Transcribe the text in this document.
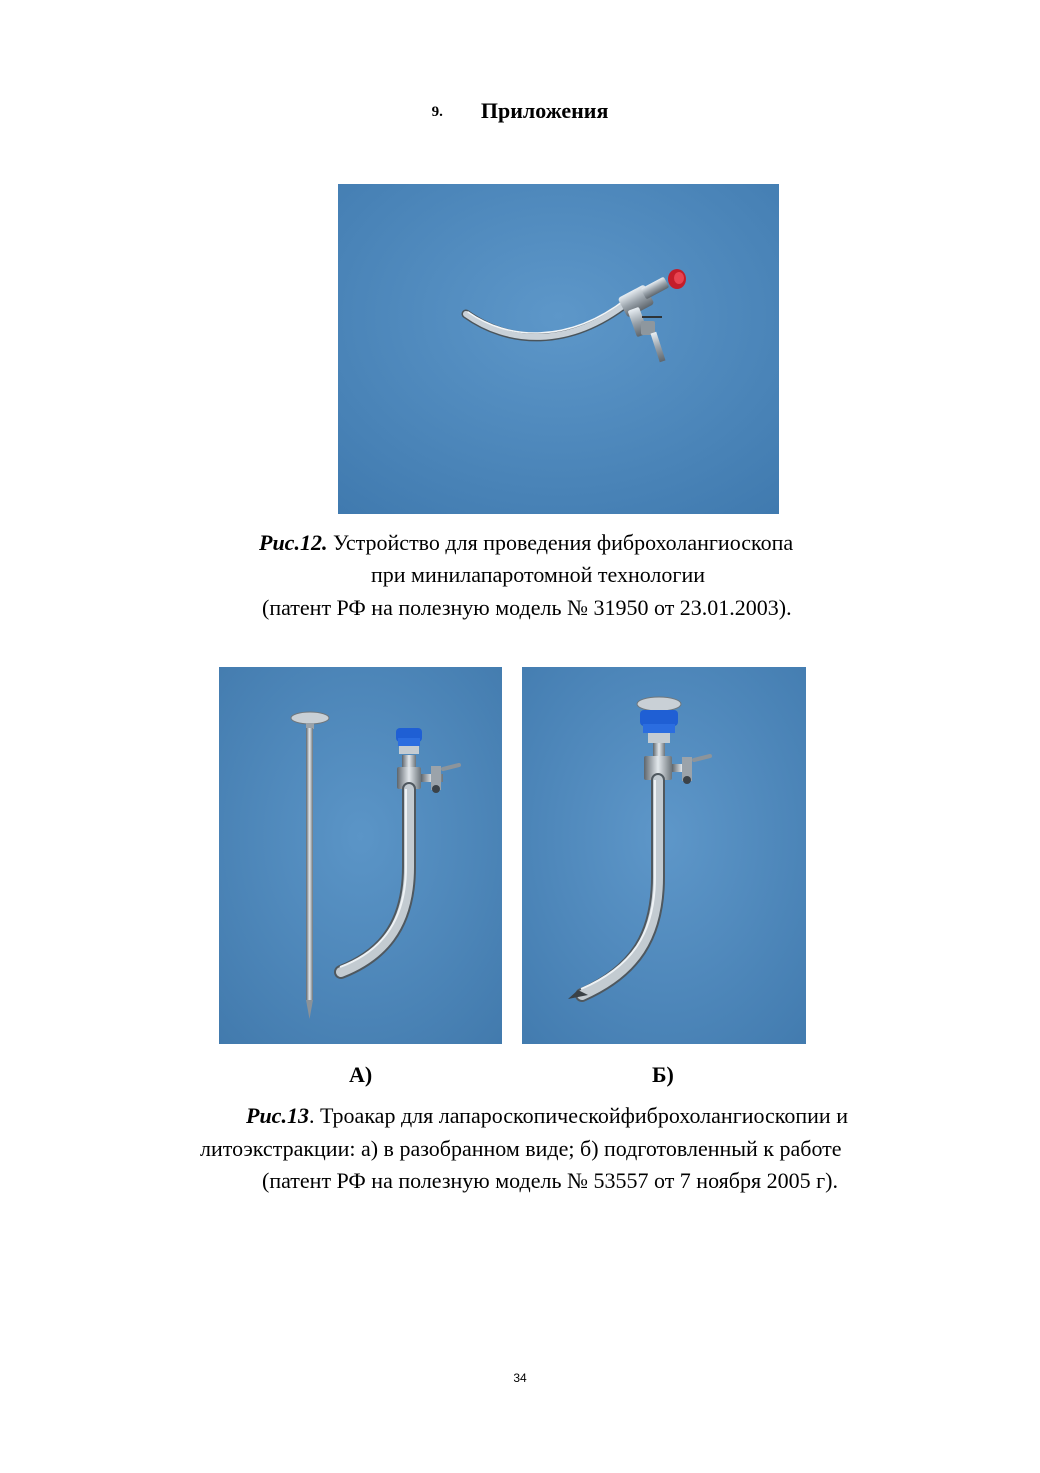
9. Приложения
Рис.12. Устройство для проведения фиброхолангиоскопа
при минилапаротомной технологии
(патент РФ на полезную модель № 31950 от 23.01.2003).
А)	Б)
Рис.13. Троакар для лапароскопическойфиброхолангиоскопии и
литоэкстракции: а) в разобранном виде; б) подготовленный к работе
(патент РФ на полезную модель № 53557 от 7 ноября 2005 г).
34
